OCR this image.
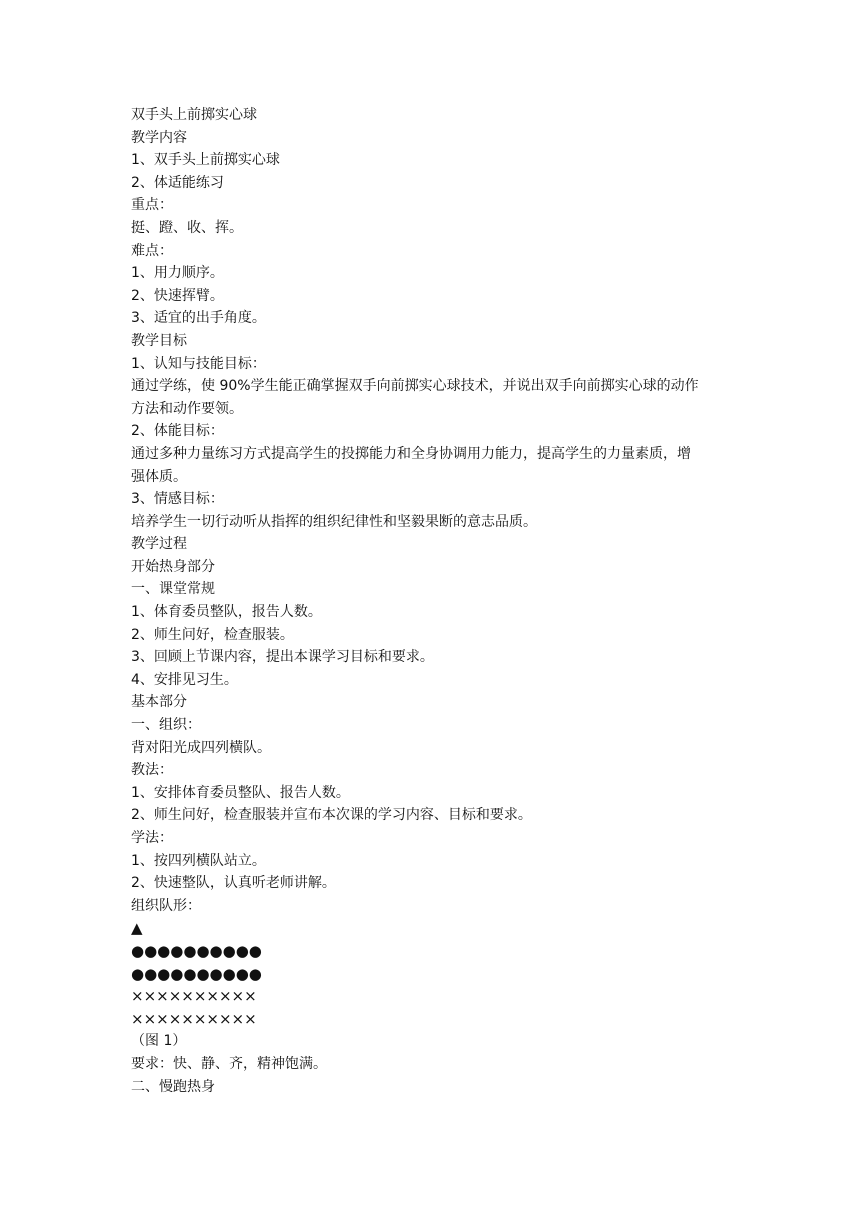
双手头上前掷实心球

教学内容

1、双手头上前掷实心球

2、体适能练习

重点：

挺、蹬、收、挥。

难点：

1、用力顺序。

2、快速挥臂。

3、适宜的出手角度。

教学目标

1、认知与技能目标：

通过学练，使 90%学生能正确掌握双手向前掷实心球技术，并说出双手向前掷实心球的动作

方法和动作要领。

2、体能目标：

通过多种力量练习方式提高学生的投掷能力和全身协调用力能力，提高学生的力量素质，增

强体质。

3、情感目标：

培养学生一切行动听从指挥的组织纪律性和坚毅果断的意志品质。

教学过程

开始热身部分

一、课堂常规

1、体育委员整队，报告人数。

2、师生问好，检查服装。

3、回顾上节课内容，提出本课学习目标和要求。

4、安排见习生。

基本部分

一、组织：

背对阳光成四列横队。

教法：

1、安排体育委员整队、报告人数。

2、师生问好，检查服装并宣布本次课的学习内容、目标和要求。

学法：

1、按四列横队站立。

2、快速整队，认真听老师讲解。

组织队形：

▲

●●●●●●●●●●

●●●●●●●●●●

××××××××××

××××××××××

（图 1）

要求：快、静、齐，精神饱满。

二、慢跑热身
